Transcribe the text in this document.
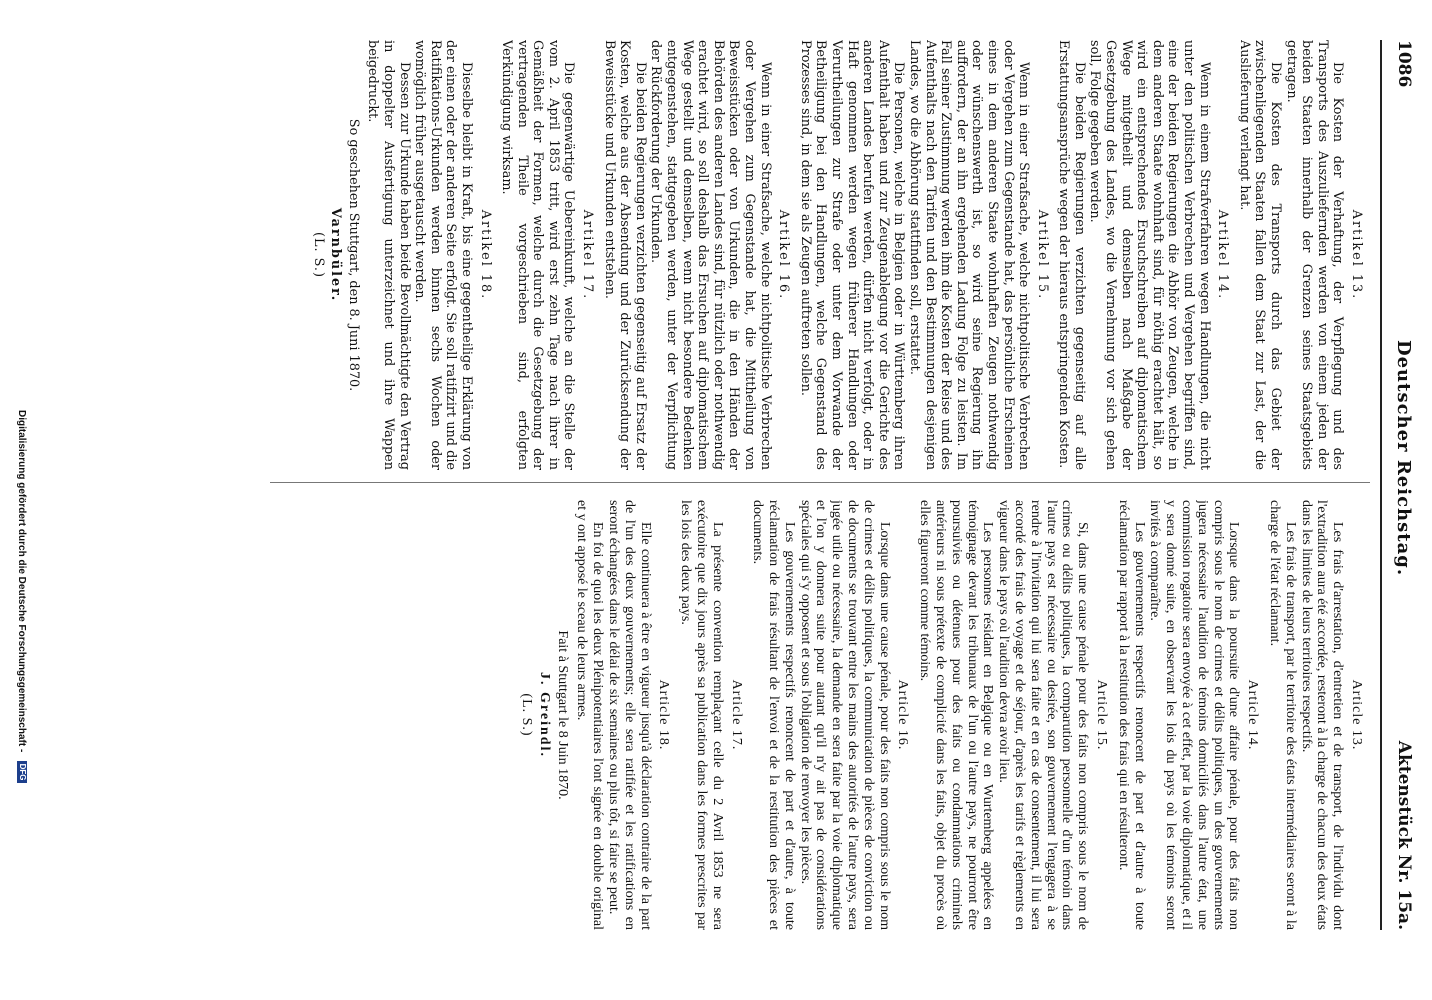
1086
Deutscher Reichstag.
Aktenstück Nr. 15a.
Artikel 13.

Die Kosten der Verhaftung, der Verpflegung und des Transports des Auszuliefernden werden von einem jeden der beiden Staaten innerhalb der Grenzen seines Staatsgebiets getragen.

Die Kosten des Transports durch das Gebiet der zwischenliegenden Staaten fallen dem Staat zur Last, der die Auslieferung verlangt hat.

Artikel 14.

Wenn in einem Strafverfahren wegen Handlungen, die nicht unter den politischen Verbrechen und Vergehen begriffen sind, eine der beiden Regierungen die Abhör von Zeugen, welche in dem anderen Staate wohnhaft sind, für nöthig erachtet hält, so wird ein entsprechendes Ersuchschreiben auf diplomatischem Wege mitgetheilt und demselben nach Maßgabe der Gesetzgebung des Landes, wo die Vernehmung vor sich gehen soll, Folge gegeben werden.

Die beiden Regierungen verzichten gegenseitig auf alle Erstattungsansprüche wegen der hieraus entspringenden Kosten.

Artikel 15.

Wenn in einer Strafsache, welche nichtpolitische Verbrechen oder Vergehen zum Gegenstande hat, das persönliche Erscheinen eines in dem anderen Staate wohnhaften Zeugen nothwendig oder wünschenswerth ist, so wird seine Regierung ihn auffordern, der an ihn ergehenden Ladung Folge zu leisten. Im Fall seiner Zustimmung werden ihm die Kosten der Reise und des Aufenthalts nach den Tarifen und den Bestimmungen desjenigen Landes, wo die Abhörung stattfinden soll, erstattet.

Die Personen, welche in Belgien oder in Württemberg ihren Aufenthalt haben und zur Zeugenablegung vor die Gerichte des anderen Landes berufen werden, dürfen nicht verfolgt, oder in Haft genommen werden wegen früherer Handlungen oder Verurtheilungen zur Strafe oder unter dem Vorwande der Betheiligung bei den Handlungen, welche Gegenstand des Prozesses sind, in dem sie als Zeugen auftreten sollen.

Artikel 16.

Wenn in einer Strafsache, welche nichtpolitische Verbrechen oder Vergehen zum Gegenstande hat, die Mittheilung von Beweisstücken oder von Urkunden, die in den Händen der Behörden des anderen Landes sind, für nützlich oder nothwendig erachtet wird, so soll deshalb das Ersuchen auf diplomatischem Wege gestellt und demselben, wenn nicht besondere Bedenken entgegenstehen, stattgegeben werden, unter der Verpflichtung der Rückforderung der Urkunden.

Die beiden Regierungen verzichten gegenseitig auf Ersatz der Kosten, welche aus der Absendung und der Zurücksendung der Beweisstücke und Urkunden entstehen.

Artikel 17.

Die gegenwärtige Uebereinkunft, welche an die Stelle der vom 2. April 1853 tritt, wird erst zehn Tage nach ihrer in Gemäßheit der Formen, welche durch die Gesetzgebung der vertragenden Theile vorgeschrieben sind, erfolgten Verkündigung wirksam.

Artikel 18.

Dieselbe bleibt in Kraft, bis eine gegentheilige Erklärung von der einen oder der anderen Seite erfolgt. Sie soll ratifizirt und die Ratifikations-Urkunden werden binnen sechs Wochen oder womöglich früher ausgetauscht werden.

Dessen zur Urkunde haben beide Bevollmächtigte den Vertrag in doppelter Ausfertigung unterzeichnet und ihre Wappen beigedruckt.

So geschehen Stuttgart, den 8. Juni 1870.

Varnbüler.
(L. S.)
Article 13.

Les frais d'arrestation, d'entretien et de transport, de l'individu dont l'extradition aura été accordée, resteront à la charge de chacun des deux états dans les limites de leurs territoires respectifs.

Les frais de transport, par le territoire des états intermédiaires seront à la charge de l'état réclamant.

Article 14.

Lorsque dans la poursuite d'une affaire pénale, pour des faits non compris sous le nom de crimes et délits politiques, un des gouvernements jugera nécessaire l'audition de témoins domiciliés dans l'autre état, une commission rogatoire sera envoyée à cet effet, par la voie diplomatique, et il y sera donné suite, en observant les lois du pays où les témoins seront invités à comparaître.

Les gouvernements respectifs renoncent de part et d'autre à toute réclamation par rapport à la restitution des frais qui en résulteront.

Article 15.

Si, dans une cause pénale pour des faits non compris sous le nom de crimes ou délits politiques, la comparution personnelle d'un témoin dans l'autre pays est nécessaire ou desirée, son gouvernement l'engagera à se rendre à l'invitation qui lui sera faite et en cas de consentement, il lui sera accordé des frais de voyage et de séjour, d'après les tarifs et règlements en vigueur dans le pays où l'audition devra avoir lieu.

Les personnes résidant en Belgique ou en Wurtemberg appelées en témoignage devant les tribunaux de l'un ou l'autre pays, ne pourront être poursuivies ou détenues pour des faits ou condamnations criminels antérieurs ni sous prétexte de complicité dans les faits, objet du procès où elles figureront comme témoins.

Article 16.

Lorsque dans une cause pénale, pour des faits non compris sous le nom de crimes et délits politiques, la communication de pièces de conviction ou de documents se trouvant entre les mains des autorités de l'autre pays, sera jugée utile ou nécessaire, la demande en sera faite par la voie diplomatique et l'on y donnera suite pour autant qu'il n'y ait pas de considérations spéciales qui s'y opposent et sous l'obligation de renvoyer les pièces.

Les gouvernements respectifs renoncent de part et d'autre, à toute réclamation de frais résultant de l'envoi et de la restitution des pièces et documents.

Article 17.

La présente convention remplaçant celle du 2 Avril 1853 ne sera exécutoire que dix jours après sa publication dans les formes prescrites par les lois des deux pays.

Article 18.

Elle continuera à être en vigueur jusqu'à déclaration contraire de la part de l'un des deux gouvernements; elle sera ratifiée et les ratifications en seront échangées dans le délai de six semaines ou plus tôt, si faire se peut.

En foi de quoi les deux Plénipotentiaires l'ont signée en double original et y ont apposé le sceau de leurs armes.

Fait à Stuttgart le 8 Juin 1870.

J. Greindl.
(L. S.)
Digitalisierung gefördert durch die Deutsche Forschungsgemeinschaft - DFG
